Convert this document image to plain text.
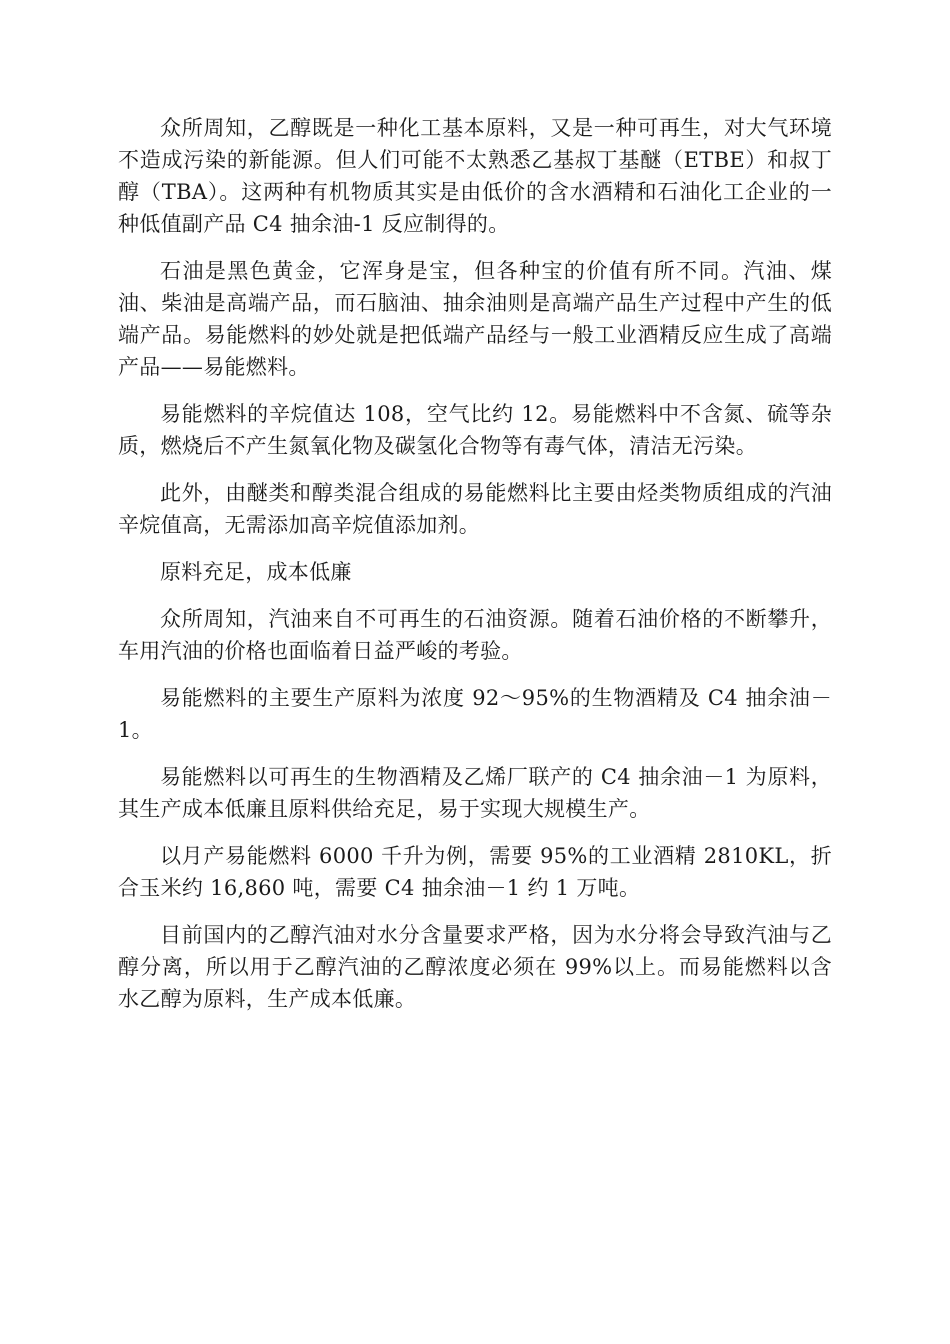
众所周知，乙醇既是一种化工基本原料，又是一种可再生，对大气环境不造成污染的新能源。但人们可能不太熟悉乙基叔丁基醚（ETBE）和叔丁醇（TBA）。这两种有机物质其实是由低价的含水酒精和石油化工企业的一种低值副产品 C4 抽余油-1 反应制得的。

石油是黑色黄金，它浑身是宝，但各种宝的价值有所不同。汽油、煤油、柴油是高端产品，而石脑油、抽余油则是高端产品生产过程中产生的低端产品。易能燃料的妙处就是把低端产品经与一般工业酒精反应生成了高端产品——易能燃料。

易能燃料的辛烷值达 108，空气比约 12。易能燃料中不含氮、硫等杂质，燃烧后不产生氮氧化物及碳氢化合物等有毒气体，清洁无污染。

此外，由醚类和醇类混合组成的易能燃料比主要由烃类物质组成的汽油辛烷值高，无需添加高辛烷值添加剂。

原料充足，成本低廉

众所周知，汽油来自不可再生的石油资源。随着石油价格的不断攀升，车用汽油的价格也面临着日益严峻的考验。

易能燃料的主要生产原料为浓度 92～95%的生物酒精及 C4 抽余油－1。

易能燃料以可再生的生物酒精及乙烯厂联产的 C4 抽余油－1 为原料，其生产成本低廉且原料供给充足，易于实现大规模生产。

以月产易能燃料 6000 千升为例，需要 95%的工业酒精 2810KL，折合玉米约 16,860 吨，需要 C4 抽余油－1 约 1 万吨。

目前国内的乙醇汽油对水分含量要求严格，因为水分将会导致汽油与乙醇分离，所以用于乙醇汽油的乙醇浓度必须在 99%以上。而易能燃料以含水乙醇为原料，生产成本低廉。
